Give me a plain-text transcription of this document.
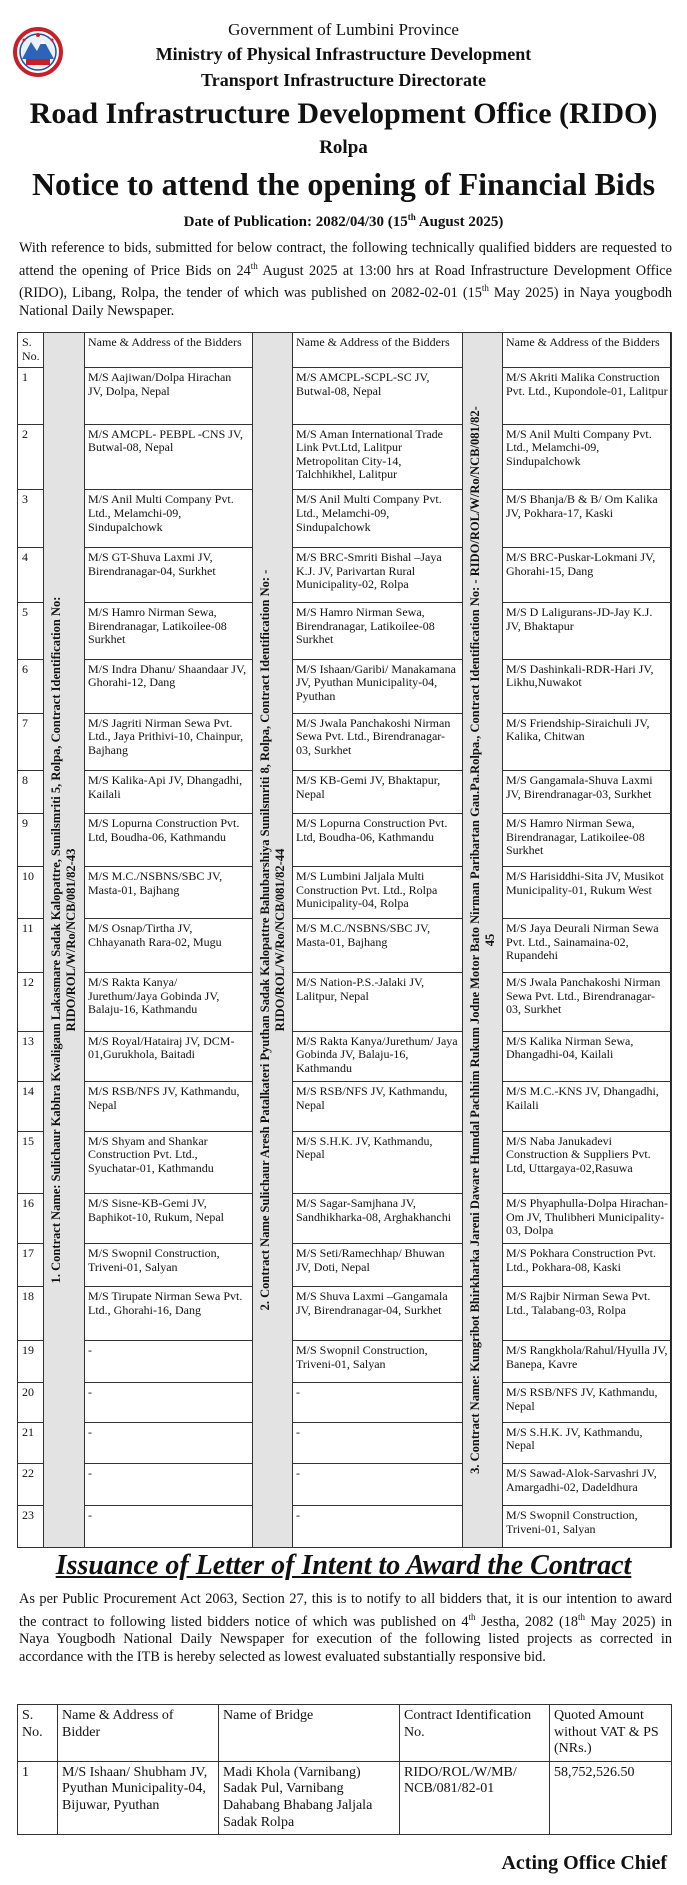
Government of Lumbini Province
Ministry of Physical Infrastructure Development
Transport Infrastructure Directorate
Road Infrastructure Development Office (RIDO)
Rolpa
Notice to attend the opening of Financial Bids
Date of Publication: 2082/04/30 (15th August 2025)
With reference to bids, submitted for below contract, the following technically qualified bidders are requested to attend the opening of Price Bids on 24th August 2025 at 13:00 hrs at Road Infrastructure Development Office (RIDO), Libang, Rolpa, the tender of which was published on 2082-02-01 (15th May 2025) in Naya yougbodh National Daily Newspaper.
S. No.	1. Contract Name: Sulichaur Kabhra Kwaligaun Lakasmare Sadak Kalopattre, Sunilsmriti 5, Rolpa, Contract Identification No: RIDO/ROL/W/Ro/NCB/081/82-43	Name & Address of the Bidders	2. Contract Name Sulichaur Aresh Patalkateri Pyuthan Sadak Kalopattre Bahubarshiya Sunilsmriti 8, Rolpa, Contract Identification No: - RIDO/ROL/W/Ro/NCB/081/82-44	Name & Address of the Bidders	3. Contract Name: Kungribot Bhirkharka Jareni Daware Humdal Pachhim Rukum Jodne Motor Bato Nirman Paribartan Gau.Pa.Rolpa., Contract Identification No: - RIDO/ROL/W/Ro/NCB/081/82-45	Name & Address of the Bidders
1		M/S Aajiwan/Dolpa Hirachan JV, Dolpa, Nepal		M/S AMCPL-SCPL-SC JV, Butwal-08, Nepal		M/S Akriti Malika Construction Pvt. Ltd., Kupondole-01, Lalitpur
2		M/S AMCPL- PEBPL -CNS JV, Butwal-08, Nepal		M/S Aman International Trade Link Pvt.Ltd, Lalitpur Metropolitan City-14, Talchhikhel, Lalitpur		M/S Anil Multi Company Pvt. Ltd., Melamchi-09, Sindupalchowk
3		M/S Anil Multi Company Pvt. Ltd., Melamchi-09, Sindupalchowk		M/S Anil Multi Company Pvt. Ltd., Melamchi-09, Sindupalchowk		M/S Bhanja/B & B/ Om Kalika JV, Pokhara-17, Kaski
4		M/S GT-Shuva Laxmi JV, Birendranagar-04, Surkhet		M/S BRC-Smriti Bishal –Jaya K.J. JV, Parivartan Rural Municipality-02, Rolpa		M/S BRC-Puskar-Lokmani JV, Ghorahi-15, Dang
5		M/S Hamro Nirman Sewa, Birendranagar, Latikoilee-08 Surkhet		M/S Hamro Nirman Sewa, Birendranagar, Latikoilee-08 Surkhet		M/S D Laligurans-JD-Jay K.J. JV, Bhaktapur
6		M/S Indra Dhanu/ Shaandaar JV, Ghorahi-12, Dang		M/S Ishaan/Garibi/ Manakamana JV, Pyuthan Municipality-04, Pyuthan		M/S Dashinkali-RDR-Hari JV, Likhu,Nuwakot
7		M/S Jagriti Nirman Sewa Pvt. Ltd., Jaya Prithivi-10, Chainpur, Bajhang		M/S Jwala Panchakoshi Nirman Sewa Pvt. Ltd., Birendranagar-03, Surkhet		M/S Friendship-Siraichuli JV, Kalika, Chitwan
8		M/S Kalika-Api JV, Dhangadhi, Kailali		M/S KB-Gemi JV, Bhaktapur, Nepal		M/S Gangamala-Shuva Laxmi JV, Birendranagar-03, Surkhet
9		M/S Lopurna Construction Pvt. Ltd, Boudha-06, Kathmandu		M/S Lopurna Construction Pvt. Ltd, Boudha-06, Kathmandu		M/S Hamro Nirman Sewa, Birendranagar, Latikoilee-08 Surkhet
10		M/S M.C./NSBNS/SBC JV, Masta-01, Bajhang		M/S Lumbini Jaljala Multi Construction Pvt. Ltd., Rolpa Municipality-04, Rolpa		M/S Harisiddhi-Sita JV, Musikot Municipality-01, Rukum West
11		M/S Osnap/Tirtha JV, Chhayanath Rara-02, Mugu		M/S M.C./NSBNS/SBC JV, Masta-01, Bajhang		M/S Jaya Deurali Nirman Sewa Pvt. Ltd., Sainamaina-02, Rupandehi
12		M/S Rakta Kanya/ Jurethum/Jaya Gobinda JV, Balaju-16, Kathmandu		M/S Nation-P.S.-Jalaki JV, Lalitpur, Nepal		M/S Jwala Panchakoshi Nirman Sewa Pvt. Ltd., Birendranagar-03, Surkhet
13		M/S Royal/Hatairaj JV, DCM-01,Gurukhola, Baitadi		M/S Rakta Kanya/Jurethum/ Jaya Gobinda JV, Balaju-16, Kathmandu		M/S Kalika Nirman Sewa, Dhangadhi-04, Kailali
14		M/S RSB/NFS JV, Kathmandu, Nepal		M/S RSB/NFS JV, Kathmandu, Nepal		M/S M.C.-KNS JV, Dhangadhi, Kailali
15		M/S Shyam and Shankar Construction Pvt. Ltd., Syuchatar-01, Kathmandu		M/S S.H.K. JV, Kathmandu, Nepal		M/S Naba Janukadevi Construction & Suppliers Pvt. Ltd, Uttargaya-02,Rasuwa
16		M/S Sisne-KB-Gemi JV, Baphikot-10, Rukum, Nepal		M/S Sagar-Samjhana JV, Sandhikharka-08, Arghakhanchi		M/S Phyaphulla-Dolpa Hirachan-Om JV, Thulibheri Municipality-03, Dolpa
17		M/S Swopnil Construction, Triveni-01, Salyan		M/S Seti/Ramechhap/ Bhuwan JV, Doti, Nepal		M/S Pokhara Construction Pvt. Ltd., Pokhara-08, Kaski
18		M/S Tirupate Nirman Sewa Pvt. Ltd., Ghorahi-16, Dang		M/S Shuva Laxmi –Gangamala JV, Birendranagar-04, Surkhet		M/S Rajbir Nirman Sewa Pvt. Ltd., Talabang-03, Rolpa
19		-		M/S Swopnil Construction, Triveni-01, Salyan		M/S Rangkhola/Rahul/Hyulla JV, Banepa, Kavre
20		-		-		M/S RSB/NFS JV, Kathmandu, Nepal
21		-		-		M/S S.H.K. JV, Kathmandu, Nepal
22		-		-		M/S Sawad-Alok-Sarvashri JV, Amargadhi-02, Dadeldhura
23		-		-		M/S Swopnil Construction, Triveni-01, Salyan
Issuance of Letter of Intent to Award the Contract
As per Public Procurement Act 2063, Section 27, this is to notify to all bidders that, it is our intention to award the contract to following listed bidders notice of which was published on 4th Jestha, 2082 (18th May 2025) in Naya Yougbodh National Daily Newspaper for execution of the following listed projects as corrected in accordance with the ITB is hereby selected as lowest evaluated substantially responsive bid.
S. No.	Name & Address of Bidder	Name of Bridge	Contract Identification No.	Quoted Amount without VAT & PS (NRs.)
1	M/S Ishaan/ Shubham JV, Pyuthan Municipality-04, Bijuwar, Pyuthan	Madi Khola (Varnibang) Sadak Pul, Varnibang Dahabang Bhabang Jaljala Sadak Rolpa	RIDO/ROL/W/MB/ NCB/081/82-01	58,752,526.50
Acting Office Chief
